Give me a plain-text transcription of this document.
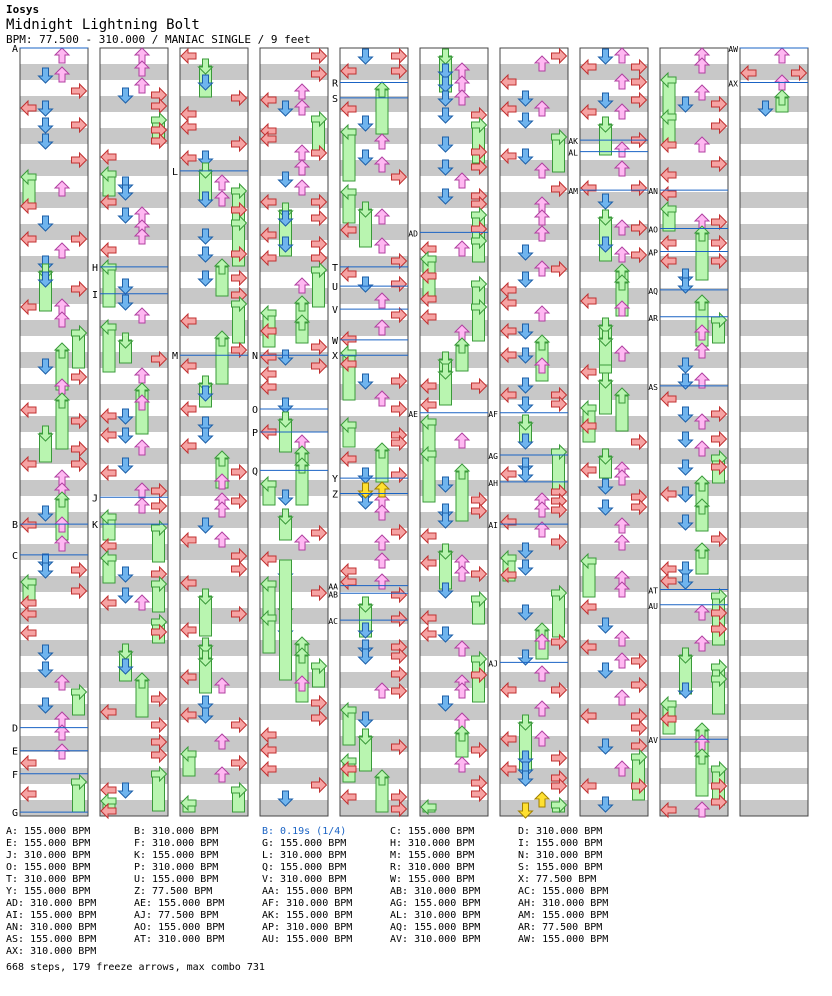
Iosys
Midnight Lightning Bolt
BPM: 77.500 - 310.000 / MANIAC SINGLE / 9 feet
A
B
C
D
E
F
G
H
I
J
K
L
M	N
O
P
Q
R
S
T
U
V
W
X
Y
Z
AA
AB
AC
AD
AE	AF
AG
AH
AI
AJ
AK
AL
AM	AN
AO
AP
AQ
AR
AS
AT
AU
AV
AW
AX
A: 155.000 BPM	B: 310.000 BPM	B: 0.19s (1/4)	C: 155.000 BPM	D: 310.000 BPM
E: 155.000 BPM	F: 310.000 BPM	G: 155.000 BPM	H: 310.000 BPM	I: 155.000 BPM
J: 310.000 BPM	K: 155.000 BPM	L: 310.000 BPM	M: 155.000 BPM	N: 310.000 BPM
O: 155.000 BPM	P: 310.000 BPM	Q: 155.000 BPM	R: 310.000 BPM	S: 155.000 BPM
T: 310.000 BPM	U: 155.000 BPM	V: 310.000 BPM	W: 155.000 BPM	X: 77.500 BPM
Y: 155.000 BPM	Z: 77.500 BPM	AA: 155.000 BPM	AB: 310.000 BPM	AC: 155.000 BPM
AD: 310.000 BPM	AE: 155.000 BPM	AF: 310.000 BPM	AG: 155.000 BPM	AH: 310.000 BPM
AI: 155.000 BPM	AJ: 77.500 BPM	AK: 155.000 BPM	AL: 310.000 BPM	AM: 155.000 BPM
AN: 310.000 BPM	AO: 155.000 BPM	AP: 310.000 BPM	AQ: 155.000 BPM	AR: 77.500 BPM
AS: 155.000 BPM	AT: 310.000 BPM	AU: 155.000 BPM	AV: 310.000 BPM	AW: 155.000 BPM
AX: 310.000 BPM
668 steps, 179 freeze arrows, max combo 731
